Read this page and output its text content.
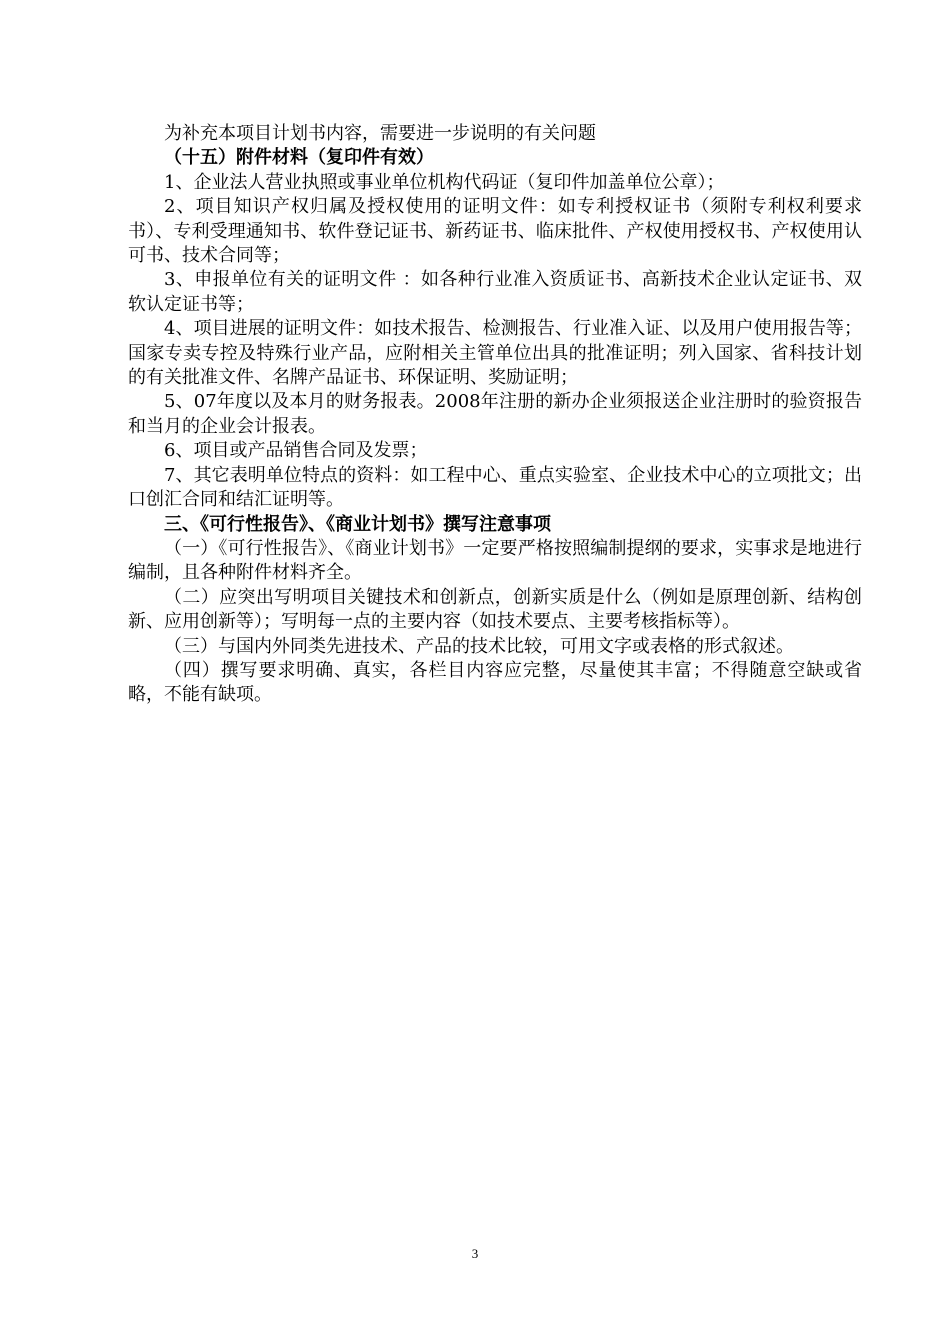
为补充本项目计划书内容，需要进一步说明的有关问题

（十五）附件材料（复印件有效）

1、企业法人营业执照或事业单位机构代码证（复印件加盖单位公章）；

2、项目知识产权归属及授权使用的证明文件：如专利授权证书（须附专利权利要求书）、专利受理通知书、软件登记证书、新药证书、临床批件、产权使用授权书、产权使用认可书、技术合同等；

3、申报单位有关的证明文件 ：如各种行业准入资质证书、高新技术企业认定证书、双软认定证书等；

4、项目进展的证明文件：如技术报告、检测报告、行业准入证、以及用户使用报告等；国家专卖专控及特殊行业产品，应附相关主管单位出具的批准证明；列入国家、省科技计划的有关批准文件、名牌产品证书、环保证明、奖励证明；

5、07年度以及本月的财务报表。2008年注册的新办企业须报送企业注册时的验资报告和当月的企业会计报表。

6、项目或产品销售合同及发票；

7、其它表明单位特点的资料：如工程中心、重点实验室、企业技术中心的立项批文；出口创汇合同和结汇证明等。

三、《可行性报告》、《商业计划书》撰写注意事项

（一）《可行性报告》、《商业计划书》一定要严格按照编制提纲的要求，实事求是地进行编制，且各种附件材料齐全。

（二）应突出写明项目关键技术和创新点，创新实质是什么（例如是原理创新、结构创新、应用创新等）；写明每一点的主要内容（如技术要点、主要考核指标等）。

（三）与国内外同类先进技术、产品的技术比较，可用文字或表格的形式叙述。

（四）撰写要求明确、真实，各栏目内容应完整，尽量使其丰富；不得随意空缺或省略，不能有缺项。

3
